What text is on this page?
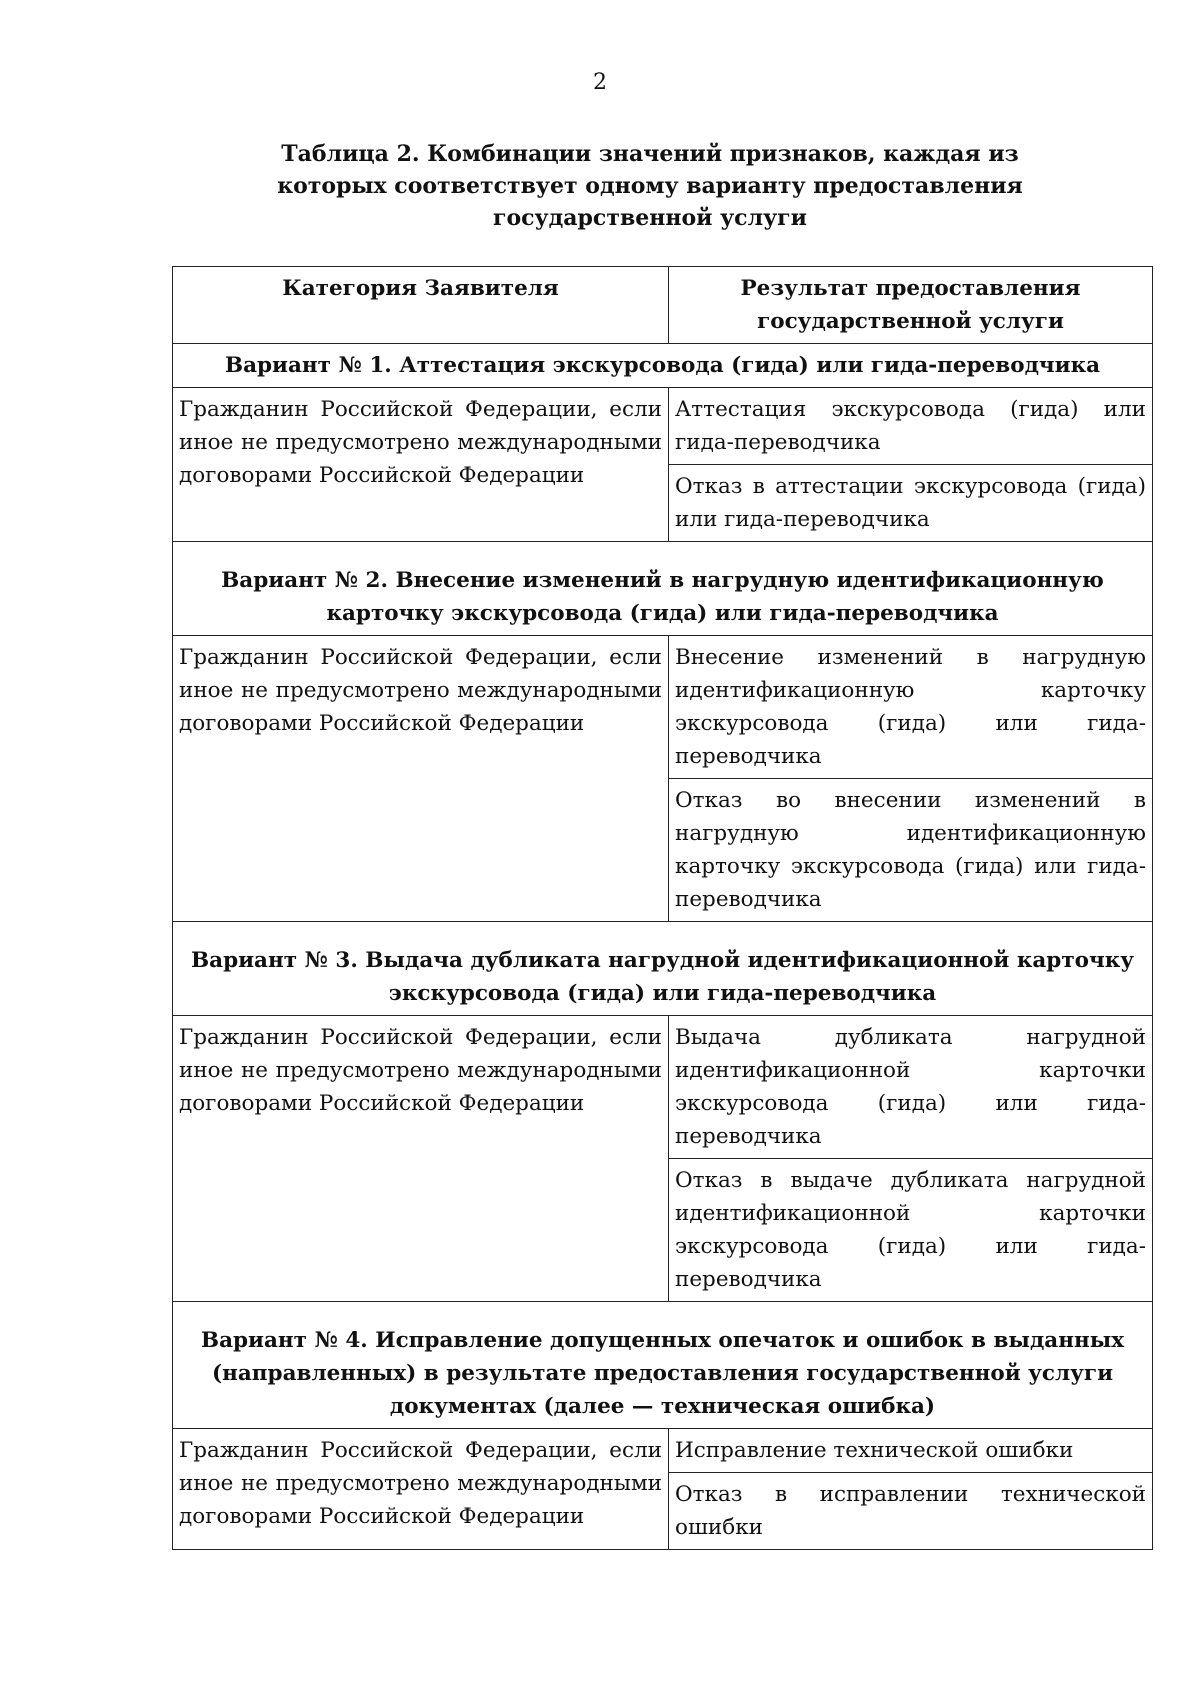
2
Таблица 2. Комбинации значений признаков, каждая из которых соответствует одному варианту предоставления государственной услуги
Категория Заявителя	Результат предоставления государственной услуги
Вариант № 1. Аттестация экскурсовода (гида) или гида-переводчика	
Гражданин Российской Федерации, если иное не предусмотрено международными договорами Российской Федерации	Аттестация экскурсовода (гида) или гида-переводчика
	Отказ в аттестации экскурсовода (гида) или гида-переводчика
Вариант № 2. Внесение изменений в нагрудную идентификационную карточку экскурсовода (гида) или гида-переводчика	
Гражданин Российской Федерации, если иное не предусмотрено международными договорами Российской Федерации	Внесение изменений в нагрудную идентификационную карточку экскурсовода (гида) или гида-переводчика
	Отказ во внесении изменений в нагрудную идентификационную карточку экскурсовода (гида) или гида-переводчика
Вариант № 3. Выдача дубликата нагрудной идентификационной карточку экскурсовода (гида) или гида-переводчика	
Гражданин Российской Федерации, если иное не предусмотрено международными договорами Российской Федерации	Выдача дубликата нагрудной идентификационной карточки экскурсовода (гида) или гида-переводчика
	Отказ в выдаче дубликата нагрудной идентификационной карточки экскурсовода (гида) или гида-переводчика
Вариант № 4. Исправление допущенных опечаток и ошибок в выданных (направленных) в результате предоставления государственной услуги документах (далее — техническая ошибка)	
Гражданин Российской Федерации, если иное не предусмотрено международными договорами Российской Федерации	Исправление технической ошибки
	Отказ в исправлении технической ошибки
